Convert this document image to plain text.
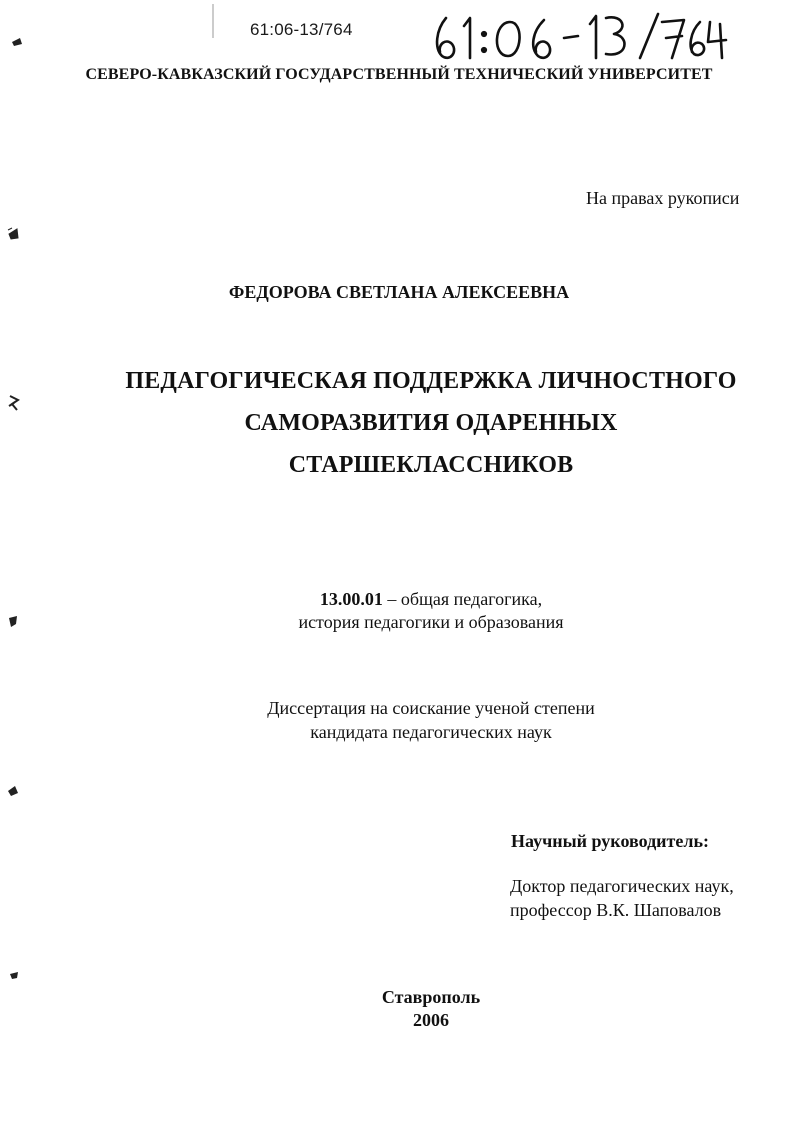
61:06-13/764
СЕВЕРО-КАВКАЗСКИЙ ГОСУДАРСТВЕННЫЙ ТЕХНИЧЕСКИЙ УНИВЕРСИТЕТ
На правах рукописи
ФЕДОРОВА СВЕТЛАНА АЛЕКСЕЕВНА
ПЕДАГОГИЧЕСКАЯ ПОДДЕРЖКА ЛИЧНОСТНОГО
САМОРАЗВИТИЯ ОДАРЕННЫХ
СТАРШЕКЛАССНИКОВ
13.00.01 – общая педагогика,
история педагогики и образования
Диссертация на соискание ученой степени
кандидата педагогических наук
Научный руководитель:
Доктор педагогических наук,
профессор В.К. Шаповалов
Ставрополь
2006
